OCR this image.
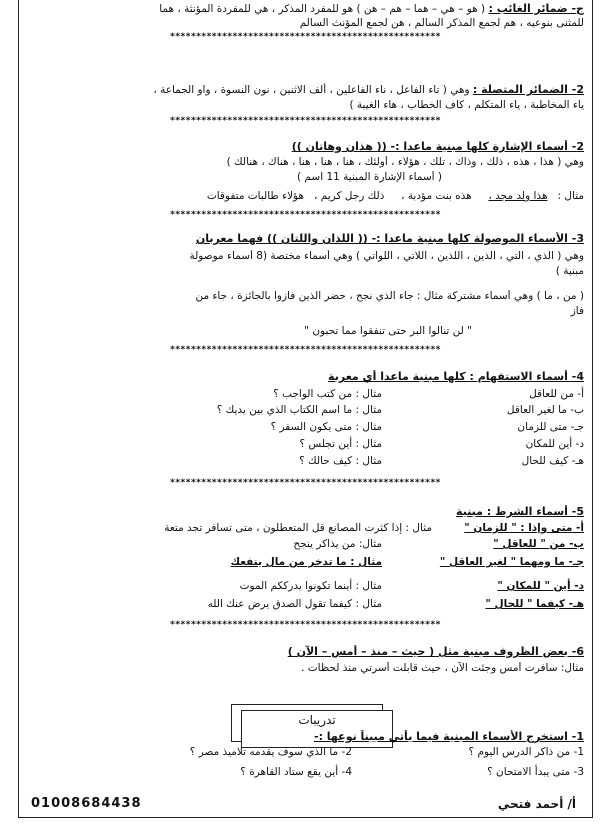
ج- ضمائر الغائب : ( هو – هي – هما – هم – هن ) هو للمفرد المذكر ، هي للمفردة المؤنثة ، هما
للمثنى بنوعيه ، هم لجمع المذكر السالم ، هن لجمع المؤنث السالم
****************************************************
2- الضمائر المتصلة : وهي ( تاء الفاعل ، ناء الفاعلين ، ألف الاثنين ، نون النسوة ، واو الجماعة ،
ياء المخاطبة ، ياء المتكلم ، كاف الخطاب ، هاء الغيبة )
****************************************************
2- أسماء الإشارة كلها مبنية ماعدا :- (( هذان وهاتان ))
وهي ( هذا ، هذه ، ذلك ، وذاك ، تلك ، هؤلاء ، أولئك ، هنا ، هنا ، هنا ، هناك ، هنالك )
( أسماء الإشارة المبنية 11 اسم )
مثال :   هذا ولد مجد ،     هذه بنت مؤدبة ،     ذلك رجل كريم ،   هؤلاء طالبات متفوقات
****************************************************
3- الأسماء الموصولة كلها مبنية ماعدا :- (( اللذان واللتان )) فهما معربان
وهي ( الذي ، التي ، الذين ، اللذين ، اللاتي ، اللواتي ) وهي أسماء مختصة (8 أسماء موصولة
مبنية )
( من ، ما ) وهي أسماء مشتركة مثال : جاء الذي نجح ، حضر الذين فازوا بالجائزة ، جاء من
فاز
" لن تنالوا البر حتى تنفقوا مما تحبون "
****************************************************
4- أسماء الاستفهام : كلها مبنية ماعدا أي معربة
أ- من للعاقل
مثال : من كتب الواجب ؟
ب- ما لغير العاقل
مثال : ما اسم الكتاب الذي بين يديك ؟
جـ- متى للزمان
مثال : متى يكون السفر ؟
د- أين للمكان
مثال : أين تجلس ؟
هـ- كيف للحال
مثال : كيف حالك ؟
****************************************************
5- أسماء الشرط : مبنية
أ- متى وإذا : " للزمان "
مثال : إذا كثرت المصانع قل المتعطلون ، متى تسافر تجد متعة
ب- من " للعاقل "
مثال: من يذاكر ينجح
جـ- ما ومهما " لغير العاقل "
مثال : ما تدخر من مال ينفعك
د- أين " للمكان "
مثال : أينما تكونوا يدرككم الموت
هـ- كيفما " للحال "
مثال : كيفما تقول الصدق يرض عنك الله
****************************************************
6- بعض الظروف مبنية مثل ( حيث – منذ – أمس – الآن )
مثال: سافرت أمس وجئت الآن ، حيث قابلت أسرتي منذ لحظات .
تدريبات
1- استخرج الأسماء المبنية فيما يأتي مبيناً نوعها :-
1- من ذاكر الدرس اليوم ؟
2- ما الذي سوف يقدمه تلاميذ مصر ؟
3- متى يبدأ الامتحان ؟
4- أين يقع ستاد القاهرة ؟
أ/ أحمد فتحي
01008684438
